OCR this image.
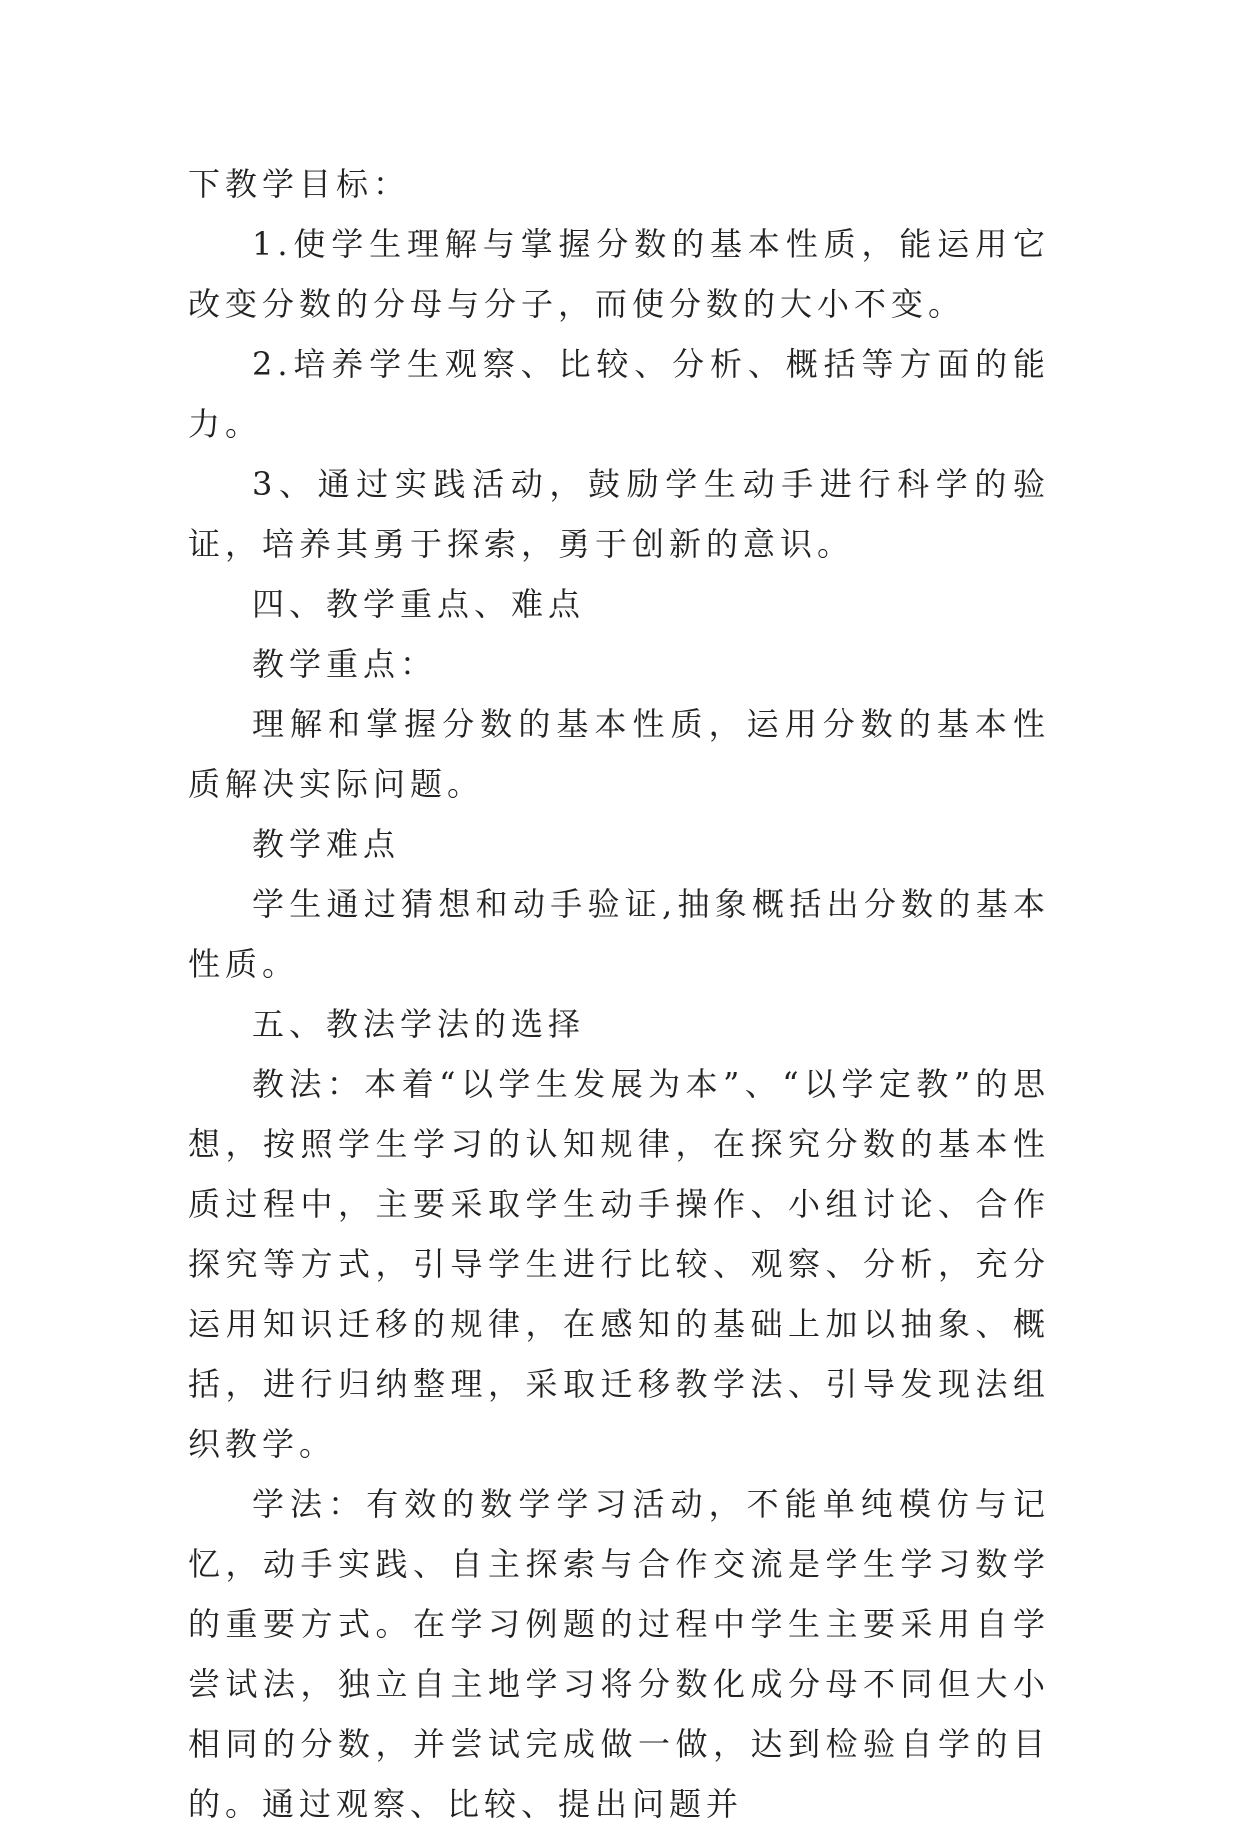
下教学目标：

1.使学生理解与掌握分数的基本性质，能运用它改变分数的分母与分子，而使分数的大小不变。

2.培养学生观察、比较、分析、概括等方面的能力。

3、通过实践活动，鼓励学生动手进行科学的验证，培养其勇于探索，勇于创新的意识。

四、教学重点、难点

教学重点：

理解和掌握分数的基本性质，运用分数的基本性质解决实际问题。

教学难点

学生通过猜想和动手验证,抽象概括出分数的基本性质。

五、教法学法的选择

教法：本着“以学生发展为本”、“以学定教”的思想，按照学生学习的认知规律，在探究分数的基本性质过程中，主要采取学生动手操作、小组讨论、合作探究等方式，引导学生进行比较、观察、分析，充分运用知识迁移的规律，在感知的基础上加以抽象、概括，进行归纳整理，采取迁移教学法、引导发现法组织教学。

学法：有效的数学学习活动，不能单纯模仿与记忆，动手实践、自主探索与合作交流是学生学习数学的重要方式。在学习例题的过程中学生主要采用自学尝试法，独立自主地学习将分数化成分母不同但大小相同的分数，并尝试完成做一做，达到检验自学的目的。通过观察、比较、提出问题并
